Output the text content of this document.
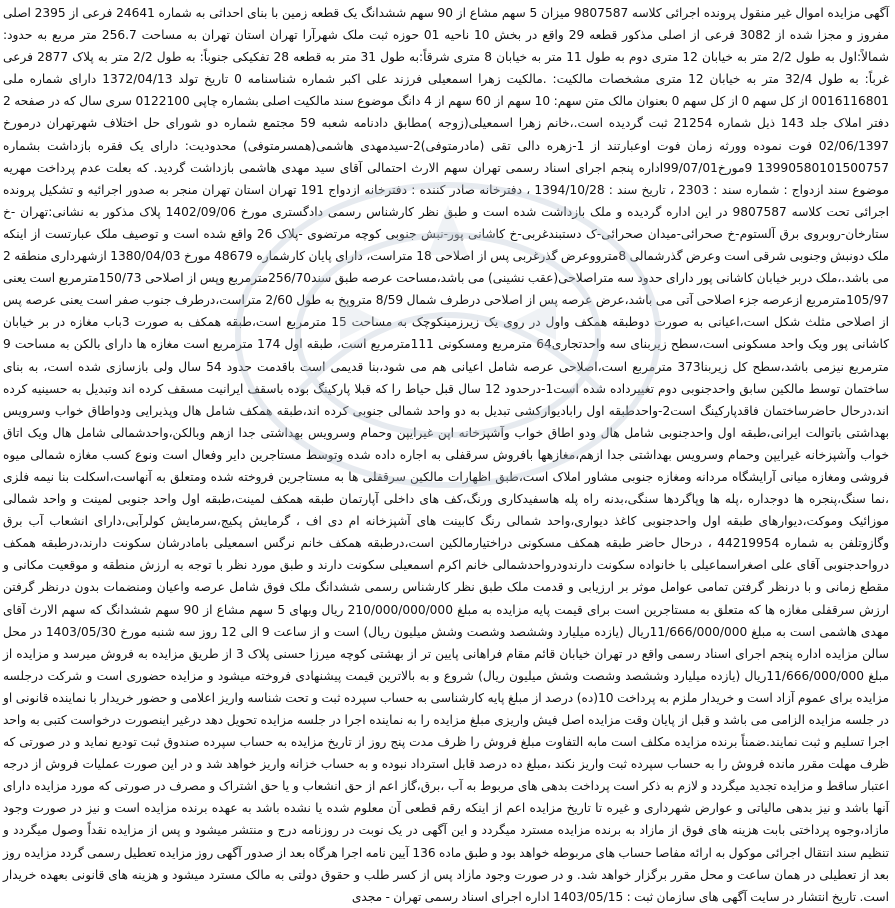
آگهی مزایده اموال غیر منقول پرونده اجرائی کلاسه 9807587 میزان 5 سهم مشاع از 90 سهم ششدانگ یک قطعه زمین با بنای احداثی به شماره 24641 فرعی از 2395 اصلی مفروز و مجزا شده از 3082 فرعی از اصلی مذکور قطعه 29 واقع در بخش 10 ناحیه 01 حوزه ثبت ملک شهرآرا تهران استان تهران به مساحت 256.7 متر مربع به حدود: شمالاً:اول به طول 2/2 متر به خیابان 12 متری دوم به طول 11 متر به خیابان 8 متری شرقاً:به طول 31 متر به قطعه 28 تفکیکی جنوباً: به طول 2/2 متر به پلاک 2877 فرعی غرباً: به طول 32/4 متر به خیابان 12 متری مشخصات مالکیت: .مالکیت زهرا اسمعیلی فرزند علی اکبر شماره شناسنامه 0 تاریخ تولد 1372/04/13 دارای شماره ملی 0016116801 از کل سهم 0 از کل سهم 0 بعنوان مالک متن سهم: 10 سهم از 60 سهم از 4 دانگ موضوع سند مالکیت اصلی بشماره چاپی 0122100 سری سال که در صفحه 2 دفتر املاک جلد 143 ذیل شماره 21254 ثبت گردیده است.،خانم زهرا اسمعیلی(زوجه )مطابق دادنامه شعبه 59 مجتمع شماره دو شورای حل اختلاف شهرتهران درمورخ 02/06/1397 فوت نموده وورثه زمان فوت اوعبارتند از 1-زهره دالی تقی (مادرمتوفی)2-سیدمهدی هاشمی(همسرمتوفی) محدودیت: دارای یک فقره بازداشت بشماره 13990580101500757 9مورخ99/07/01اداره پنجم اجرای اسناد رسمی تهران سهم الارث احتمالی آقای سید مهدی هاشمی بازداشت گردید. که بعلت عدم پرداخت مهریه موضوع سند ازدواج : شماره سند : 2303 ، تاریخ سند : 1394/10/28 ، دفترخانه صادر کننده : دفترخانه ازدواج 191 تهران استان تهران منجر به صدور اجرائیه و تشکیل پرونده اجرائی تحت کلاسه 9807587 در این اداره گردیده و ملک بازداشت شده است و طبق نظر کارشناس رسمی دادگستری مورخ 1402/09/06 پلاک مذکور به نشانی:تهران -خ ستارخان-روبروی برق آلستوم-خ صحرائی-میدان صحرائی-ک دستبندغربی-خ کاشانی پور-نبش جنوبی کوچه مرتضوی -پلاک 26 واقع شده است و توصیف ملک عبارتست از اینکه ملک دونبش وجنوبی شرقی است وعرض گذرشمالی 8مترووعرض گذرغربی پس از اصلاحی 18 متراست، دارای پایان کارشماره 48679 مورخ 1380/04/03 ازشهرداری منطقه 2 می باشد.،ملک دربر خیابان کاشانی پور دارای حدود سه متراصلاحی(عقب نشینی) می باشد،مساحت عرصه طبق سند256/70مترمربع وپس از اصلاحی 150/73مترمربع است یعنی 105/97مترمربع ازعرصه جزء اصلاحی آتی می باشد،عرض عرصه پس از اصلاحی درطرف شمال 8/59 متروپخ به طول 2/60 متراست،درطرف جنوب صفر است یعنی عرصه پس از اصلاحی مثلث شکل است،اعیانی به صورت دوطبقه همکف واول در روی یک زیرزمینکوچک به مساحت 15 مترمربع است،طبقه همکف به صورت 3باب مغازه در بر خیابان کاشانی پور ویک واحد مسکونی است،سطح زیربنای سه واحدتجاری64 مترمربع ومسکونی 111مترمربع است، طبقه اول 174 مترمربع است مغازه ها دارای بالکن به مساحت 9 مترمربع نیزمی باشد،سطح کل زیربنا373 مترمربع است،اصلاحی عرصه شامل اعیانی هم می شود،بنا قدیمی است باقدمت حدود 54 سال ولی بازسازی شده است، به بنای ساختمان توسط مالکین سابق واحدجنوبی دوم تغییرداده شده است1-درحدود 12 سال قبل حیاط را که قبلا پارکینگ بوده باسقف ایرانیت مسقف کرده اند وتبدیل به حسینیه کرده اند،درحال حاضرساختمان فاقدپارکینگ است2-واحدطبقه اول رابادیوارکشی تبدیل به دو واحد شمالی جنوبی کرده اند،طبقه همکف شامل هال وپذیرایی ودواطاق خواب وسرویس بهداشتی باتوالت ایرانی،طبقه اول واحدجنوبی شامل هال ودو اطاق خواب وآشپزخانه اپن غیرایپن وحمام وسرویس بهداشتی جدا ازهم وبالکن،واحدشمالی شامل هال ویک اتاق خواب وآشپزخانه غیرایپن وحمام وسرویس بهداشتی جدا ازهم،مغازهها بافروش سرقفلی به اجاره داده شده وتوسط مستاجرین دایر وفعال است ونوع کسب مغازه شمالی میوه فروشی ومغازه میانی آرایشگاه مردانه ومغازه جنوبی مشاور املاک است،طبق اظهارات مالکین سرقفلی ها به مستاجرین فروخته شده ومتعلق به آنهاست،اسکلت بنا نیمه فلزی ،نما سنگ،پنجره ها دوجداره ،پله ها وپاگردها سنگی،بدنه راه پله هاسفیدکاری ورنگ،کف های داخلی آپارتمان طبقه همکف لمینت،طبقه اول واحد جنوبی لمینت و واحد شمالی موزائیک وموکت،دیوارهای طبقه اول واحدجنوبی کاغذ دیواری،واحد شمالی رنگ کابینت های آشپزخانه ام دی اف ، گرمایش پکیج،سرمایش کولرآبی،دارای انشعاب آب برق وگازوتلفن به شماره 44219954 ، درحال حاضر طبقه همکف مسکونی دراختیارمالکین است،درطبقه همکف خانم نرگس اسمعیلی بامادرشان سکونت دارند،درطبقه همکف درواحدجنوبی آقای علی اصغراسماعیلی با خانواده سکونت دارندودرواحدشمالی خانم اکرم اسمعیلی سکونت دارند و طبق مورد نظر با توجه به ارزش منطقه و موقعیت مکانی و مقطع زمانی و با درنظر گرفتن تمامی عوامل موثر بر ارزیابی و قدمت ملک طبق نظر کارشناس رسمی ششدانگ ملک فوق شامل عرصه واعیان ومنضمات بدون درنظر گرفتن ارزش سرقفلی مغازه ها که متعلق به مستاجرین است برای قیمت پایه مزایده به مبلغ 210/000/000/000 ریال وبهای 5 سهم مشاع از 90 سهم ششدانگ که سهم الارث آقای مهدی هاشمی است به مبلغ 11/666/000/000ریال (یازده میلیارد وششصد وشصت وشش میلیون ریال) است و از ساعت 9 الی 12 روز سه شنبه مورخ 1403/05/30 در محل سالن مزایده اداره پنجم اجرای اسناد رسمی واقع در تهران خیابان قائم مقام فراهانی پایین تر از بهشتی کوچه میرزا حسنی پلاک 3 از طریق مزایده به فروش میرسد و مزایده از مبلغ 11/666/000/000ریال (یازده میلیارد وششصد وشصت وشش میلیون ریال) شروع و به بالاترین قیمت پیشنهادی فروخته میشود و مزایده حضوری است و شرکت درجلسه مزایده برای عموم آزاد است و خریدار ملزم به پرداخت 10(ده) درصد از مبلغ پایه کارشناسی به حساب سپرده ثبت و تحت شناسه واریز اعلامی و حضور خریدار با نماینده قانونی او در جلسه مزایده الزامی می باشد و قبل از پایان وقت مزایده اصل فیش واریزی مبلغ مزایده را به نماینده اجرا در جلسه مزایده تحویل دهد درغیر اینصورت درخواست کتبی به واحد اجرا تسلیم و ثبت نمایند.ضمناً برنده مزایده مکلف است مابه التفاوت مبلغ فروش را ظرف مدت پنج روز از تاریخ مزایده به حساب سپرده صندوق ثبت تودیع نماید و در صورتی که ظرف مهلت مقرر مانده فروش را به حساب سپرده ثبت واریز نکند ،مبلغ ده درصد قابل استرداد نبوده و به حساب خزانه واریز خواهد شد و در این صورت عملیات فروش از درجه اعتبار ساقط و مزایده تجدید میگردد و لازم به ذکر است پرداخت بدهی های مربوط به آب ،برق،گاز اعم از حق انشعاب و یا حق اشتراک و مصرف در صورتی که مورد مزایده دارای آنها باشد و نیز بدهی مالیاتی و عوارض شهرداری و غیره تا تاریخ مزایده اعم از اینکه رقم قطعی آن معلوم شده یا نشده باشد به عهده برنده مزایده است و نیز در صورت وجود مازاد،وجوه پرداختی بابت هزینه های فوق از مازاد به برنده مزایده مسترد میگردد و این آگهی در یک نوبت در روزنامه درج و منتشر میشود و پس از مزایده نقداً وصول میگردد و تنظیم سند انتقال اجرائی موکول به ارائه مفاصا حساب های مربوطه خواهد بود و طبق ماده 136 آیین نامه اجرا هرگاه بعد از صدور آگهی روز مزایده تعطیل رسمی گردد مزایده روز بعد از تعطیلی در همان ساعت و محل مقرر برگزار خواهد شد. و در صورت وجود مازاد پس از کسر طلب و حقوق دولتی به مالک مسترد میشود و هزینه های قانونی بعهده خریدار است. تاریخ انتشار در سایت آگهی های سازمان ثبت : 1403/05/15 اداره اجرای اسناد رسمی تهران - مجدی
